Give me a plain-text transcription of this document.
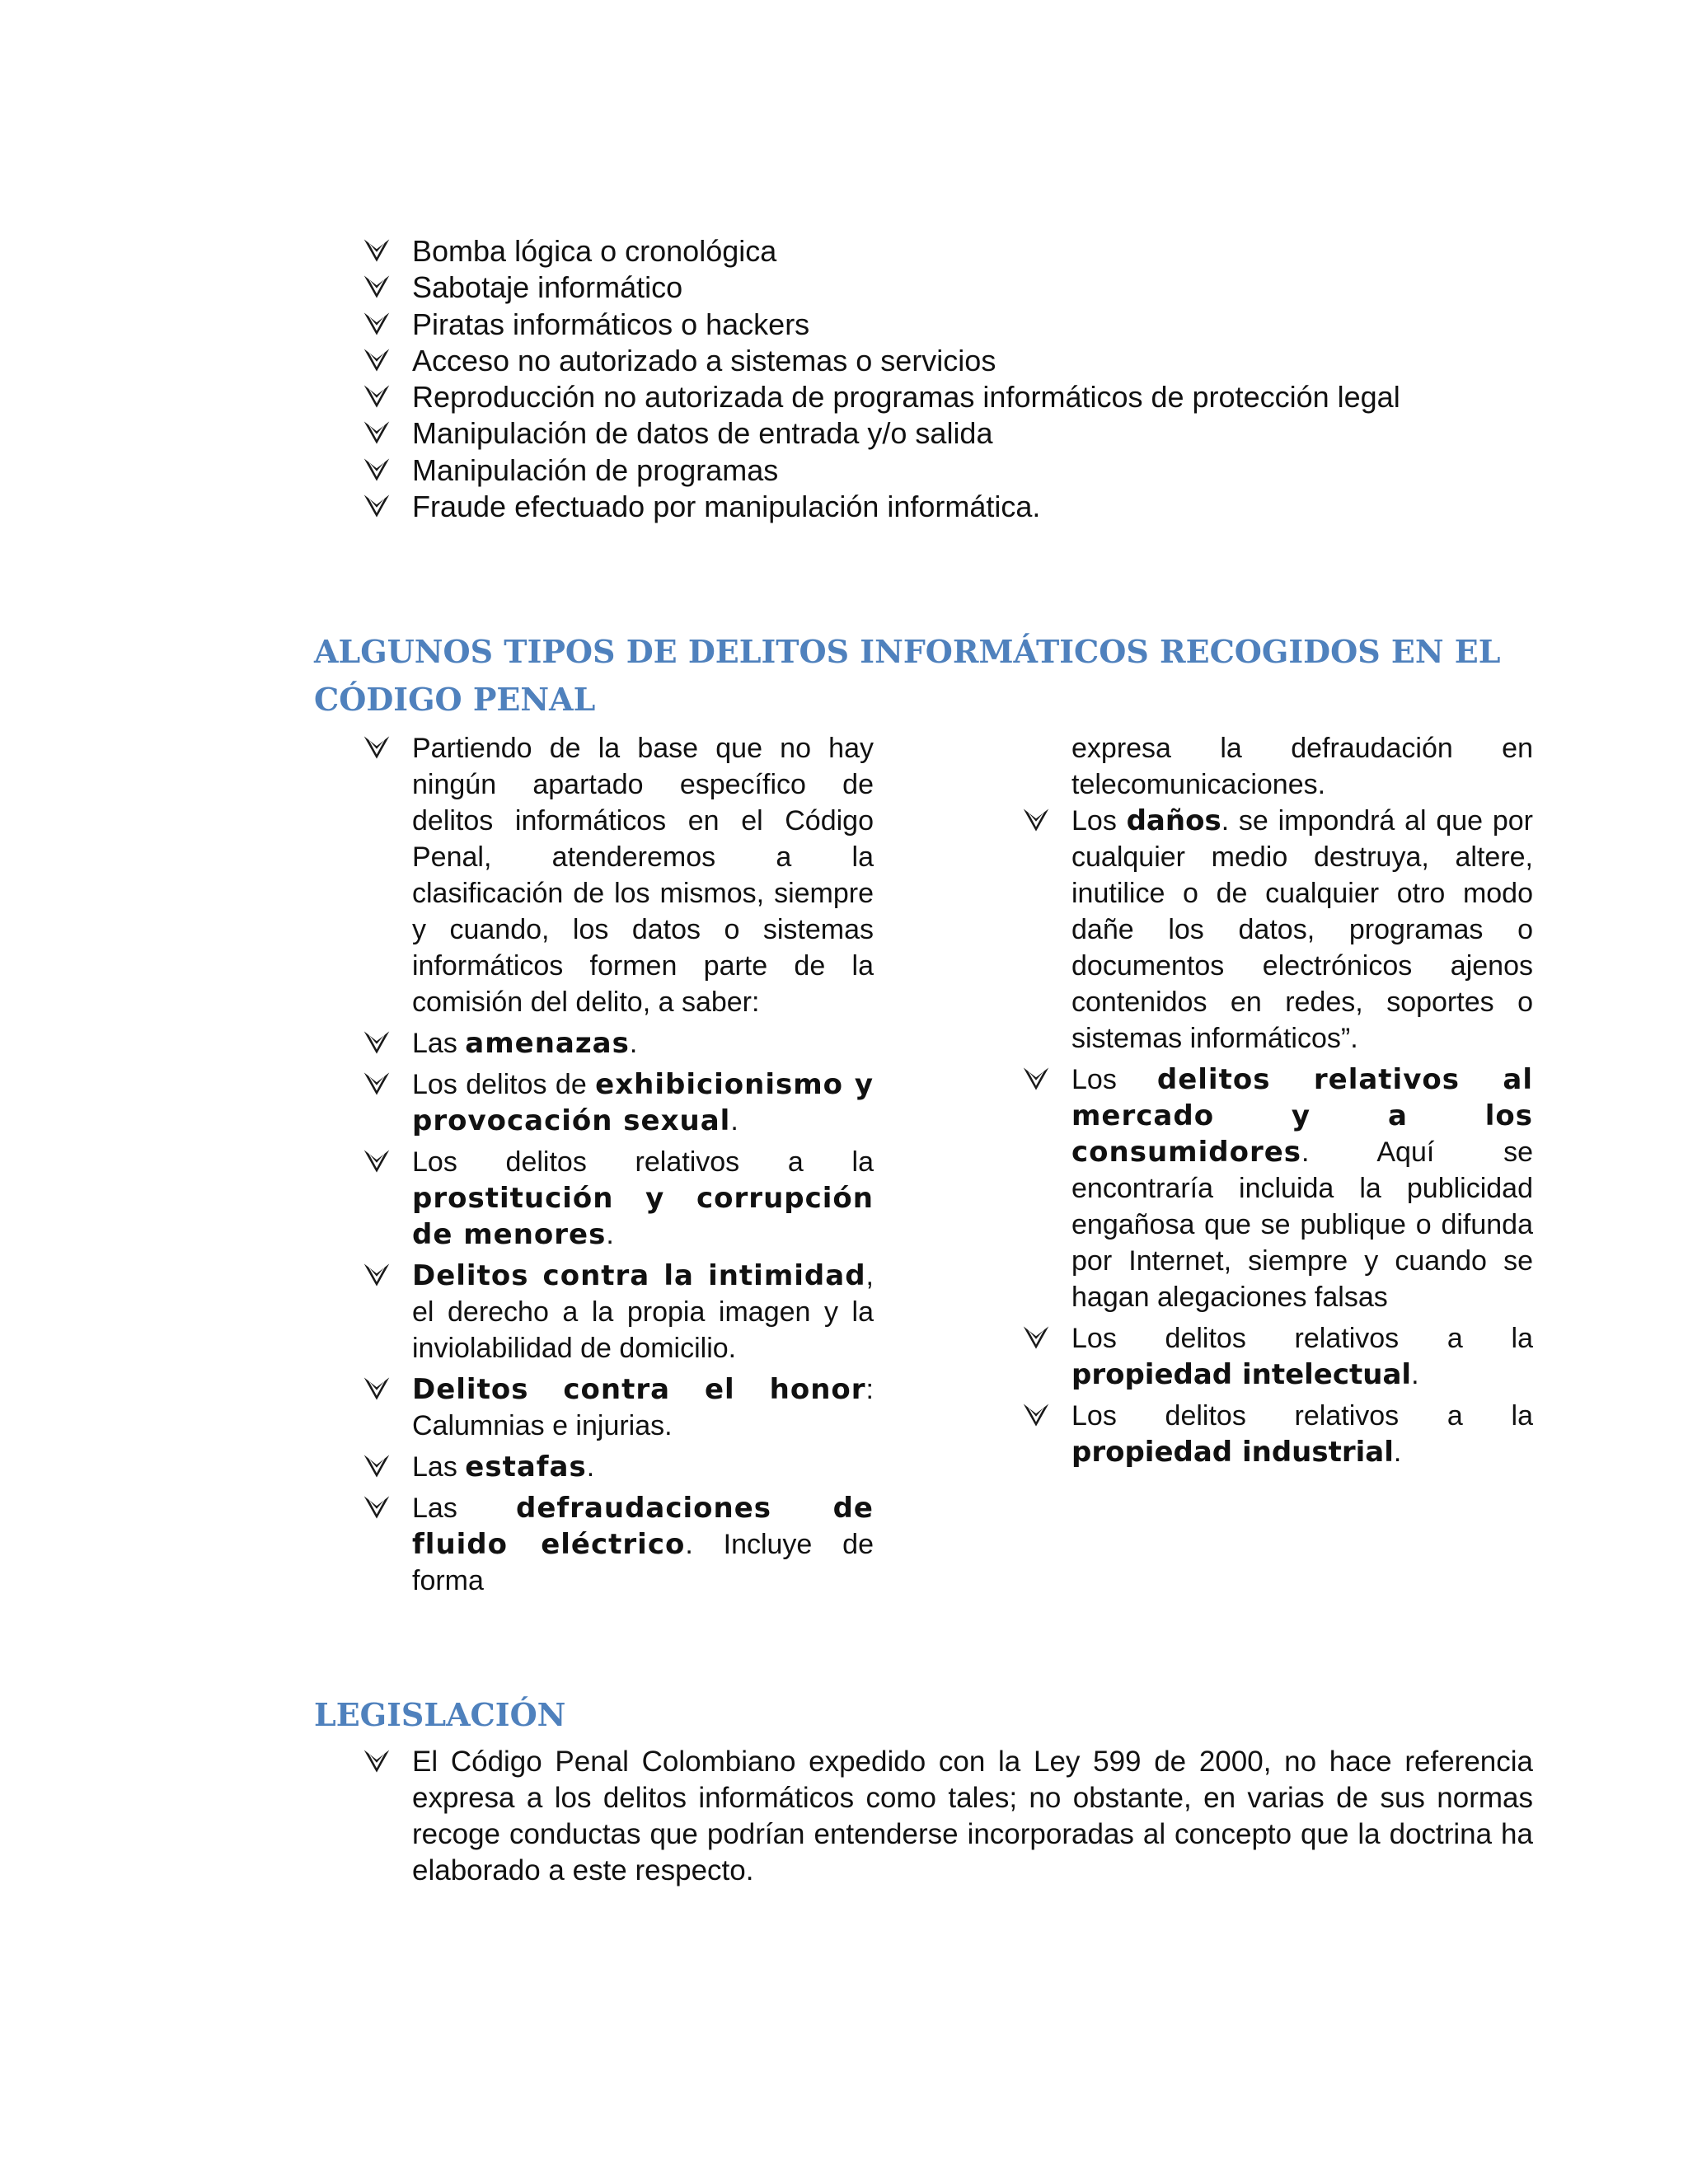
Bomba lógica o cronológica
Sabotaje informático
Piratas informáticos o hackers
Acceso no autorizado a sistemas o servicios
Reproducción no autorizada de programas informáticos de protección legal
Manipulación de datos de entrada y/o salida
Manipulación de programas
Fraude efectuado por manipulación informática.
ALGUNOS TIPOS DE DELITOS INFORMÁTICOS RECOGIDOS EN EL CÓDIGO PENAL
Partiendo de la base que no hay ningún apartado específico de delitos informáticos en el Código Penal, atenderemos a la clasificación de los mismos, siempre y cuando, los datos o sistemas informáticos formen parte de la comisión del delito, a saber:
Las amenazas.
Los delitos de exhibicionismo y provocación sexual.
Los delitos relativos a la prostitución y corrupción de menores.
Delitos contra la intimidad, el derecho a la propia imagen y la inviolabilidad de domicilio.
Delitos contra el honor: Calumnias e injurias.
Las estafas.
Las defraudaciones de fluido eléctrico. Incluye de forma
expresa la defraudación en telecomunicaciones.
Los daños. se impondrá al que por cualquier medio destruya, altere, inutilice o de cualquier otro modo dañe los datos, programas o documentos electrónicos ajenos contenidos en redes, soportes o sistemas informáticos”.
Los delitos relativos al mercado y a los consumidores. Aquí se encontraría incluida la publicidad engañosa que se publique o difunda por Internet, siempre y cuando se hagan alegaciones falsas
Los delitos relativos a la propiedad intelectual.
Los delitos relativos a la propiedad industrial.
LEGISLACIÓN
El Código Penal Colombiano expedido con la Ley 599 de 2000, no hace referencia expresa a los delitos informáticos como tales; no obstante, en varias de sus normas recoge conductas que podrían entenderse incorporadas al concepto que la doctrina ha elaborado a este respecto.
